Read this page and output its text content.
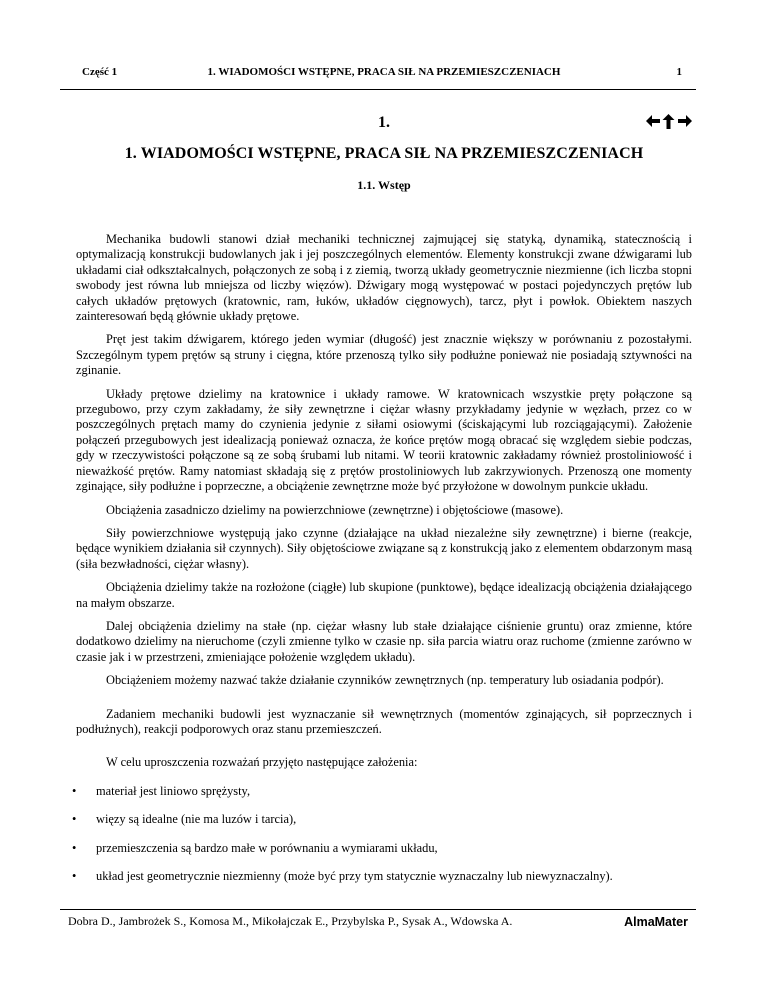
Część 1	1. WIADOMOŚCI WSTĘPNE, PRACA SIŁ NA PRZEMIESZCZENIACH	1
1.
1. WIADOMOŚCI WSTĘPNE, PRACA SIŁ NA PRZEMIESZCZENIACH
1.1. Wstęp

Mechanika budowli stanowi dział mechaniki technicznej zajmującej się statyką, dynamiką, statecznością i optymalizacją konstrukcji budowlanych jak i jej poszczególnych elementów. Elementy konstrukcji zwane dźwigarami lub układami ciał odkształcalnych, połączonych ze sobą i z ziemią, tworzą układy geometrycznie niezmienne (ich liczba stopni swobody jest równa lub mniejsza od liczby więzów). Dźwigary mogą występować w postaci pojedynczych prętów lub całych układów prętowych (kratownic, ram, łuków, układów cięgnowych), tarcz, płyt i powłok. Obiektem naszych zainteresowań będą głównie układy prętowe.

Pręt jest takim dźwigarem, którego jeden wymiar (długość) jest znacznie większy w porównaniu z pozostałymi. Szczególnym typem prętów są struny i cięgna, które przenoszą tylko siły podłużne ponieważ nie posiadają sztywności na zginanie.

Układy prętowe dzielimy na kratownice i układy ramowe. W kratownicach wszystkie pręty połączone są przegubowo, przy czym zakładamy, że siły zewnętrzne i ciężar własny przykładamy jedynie w węzłach, przez co w poszczególnych prętach mamy do czynienia jedynie z siłami osiowymi (ściskającymi lub rozciągającymi). Założenie połączeń przegubowych jest idealizacją ponieważ oznacza, że końce prętów mogą obracać się względem siebie podczas, gdy w rzeczywistości połączone są ze sobą śrubami lub nitami. W teorii kratownic zakładamy również prostoliniowość i nieważkość prętów. Ramy natomiast składają się z prętów prostoliniowych lub zakrzywionych. Przenoszą one momenty zginające, siły podłużne i poprzeczne, a obciążenie zewnętrzne może być przyłożone w dowolnym punkcie układu.

Obciążenia zasadniczo dzielimy na powierzchniowe (zewnętrzne) i objętościowe (masowe).

Siły powierzchniowe występują jako czynne (działające na układ niezależne siły zewnętrzne) i bierne (reakcje, będące wynikiem działania sił czynnych). Siły objętościowe związane są z konstrukcją jako z elementem obdarzonym masą (siła bezwładności, ciężar własny).

Obciążenia dzielimy także na rozłożone (ciągłe) lub skupione (punktowe), będące idealizacją obciążenia działającego na małym obszarze.

Dalej obciążenia dzielimy na stałe (np. ciężar własny lub stałe działające ciśnienie gruntu) oraz zmienne, które dodatkowo dzielimy na nieruchome (czyli zmienne tylko w czasie np. siła parcia wiatru oraz ruchome (zmienne zarówno w czasie jak i w przestrzeni, zmieniające położenie względem układu).

Obciążeniem możemy nazwać także działanie czynników zewnętrznych (np. temperatury lub osiadania podpór).

Zadaniem mechaniki budowli jest wyznaczanie sił wewnętrznych (momentów zginających, sił poprzecznych i podłużnych), reakcji podporowych oraz stanu przemieszczeń.

W celu uproszczenia rozważań przyjęto następujące założenia:

• materiał jest liniowo sprężysty,
• więzy są idealne (nie ma luzów i tarcia),
• przemieszczenia są bardzo małe w porównaniu a wymiarami układu,
• układ jest geometrycznie niezmienny (może być przy tym statycznie wyznaczalny lub niewyznaczalny).
Dobra D., Jambrożek S., Komosa M., Mikołajczak E., Przybylska P., Sysak A., Wdowska A.	AlmaMater
